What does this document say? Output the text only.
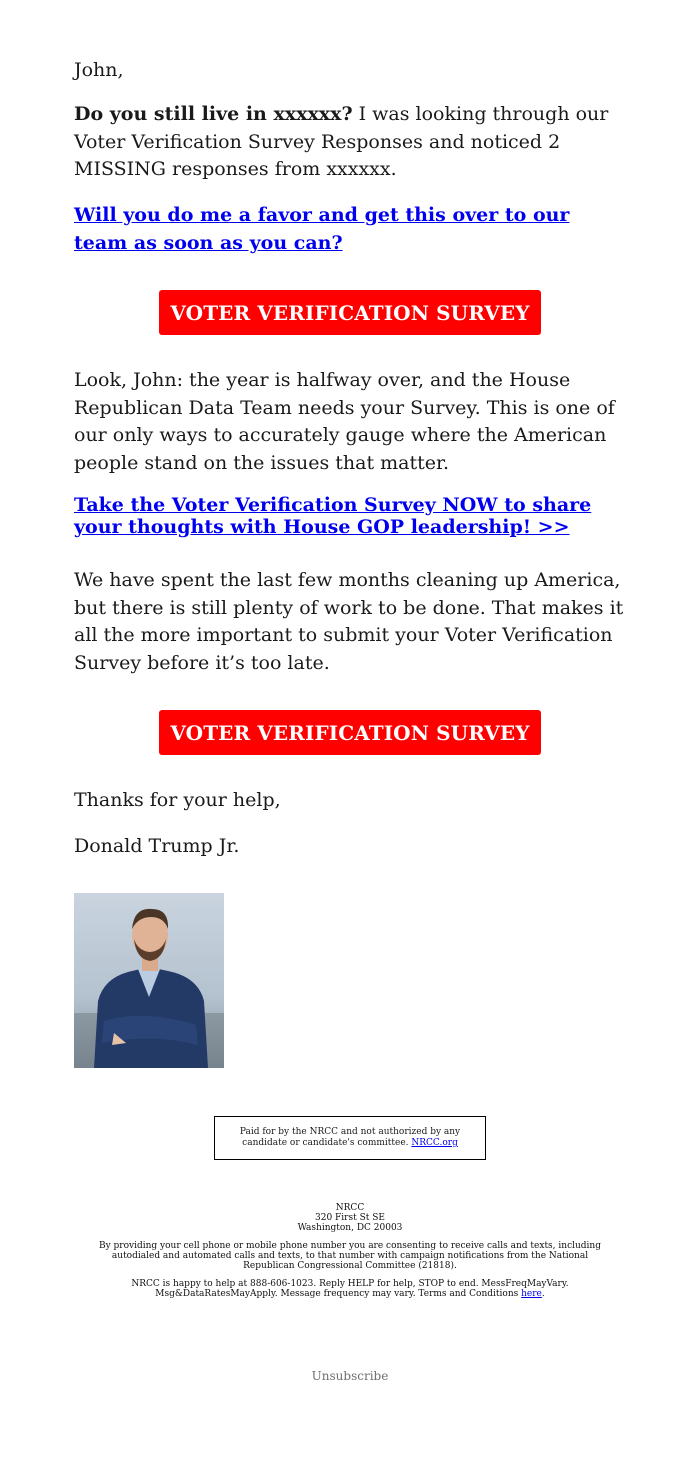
John,

Do you still live in xxxxxx? I was looking through our Voter Verification Survey Responses and noticed 2 MISSING responses from xxxxxx.

Will you do me a favor and get this over to our team as soon as you can?
VOTER VERIFICATION SURVEY

Look, John: the year is halfway over, and the House Republican Data Team needs your Survey. This is one of our only ways to accurately gauge where the American people stand on the issues that matter.

Take the Voter Verification Survey NOW to share your thoughts with House GOP leadership! >>

We have spent the last few months cleaning up America, but there is still plenty of work to be done. That makes it all the more important to submit your Voter Verification Survey before it’s too late.

VOTER VERIFICATION SURVEY

Thanks for your help,

Donald Trump Jr.

Paid for by the NRCC and not authorized by any candidate or candidate's committee. NRCC.org

NRCC
320 First St SE
Washington, DC 20003

By providing your cell phone or mobile phone number you are consenting to receive calls and texts, including autodialed and automated calls and texts, to that number with campaign notifications from the National Republican Congressional Committee (21818).

NRCC is happy to help at 888-606-1023. Reply HELP for help, STOP to end. MessFreqMayVary. Msg&DataRatesMayApply. Message frequency may vary. Terms and Conditions here.

Unsubscribe
